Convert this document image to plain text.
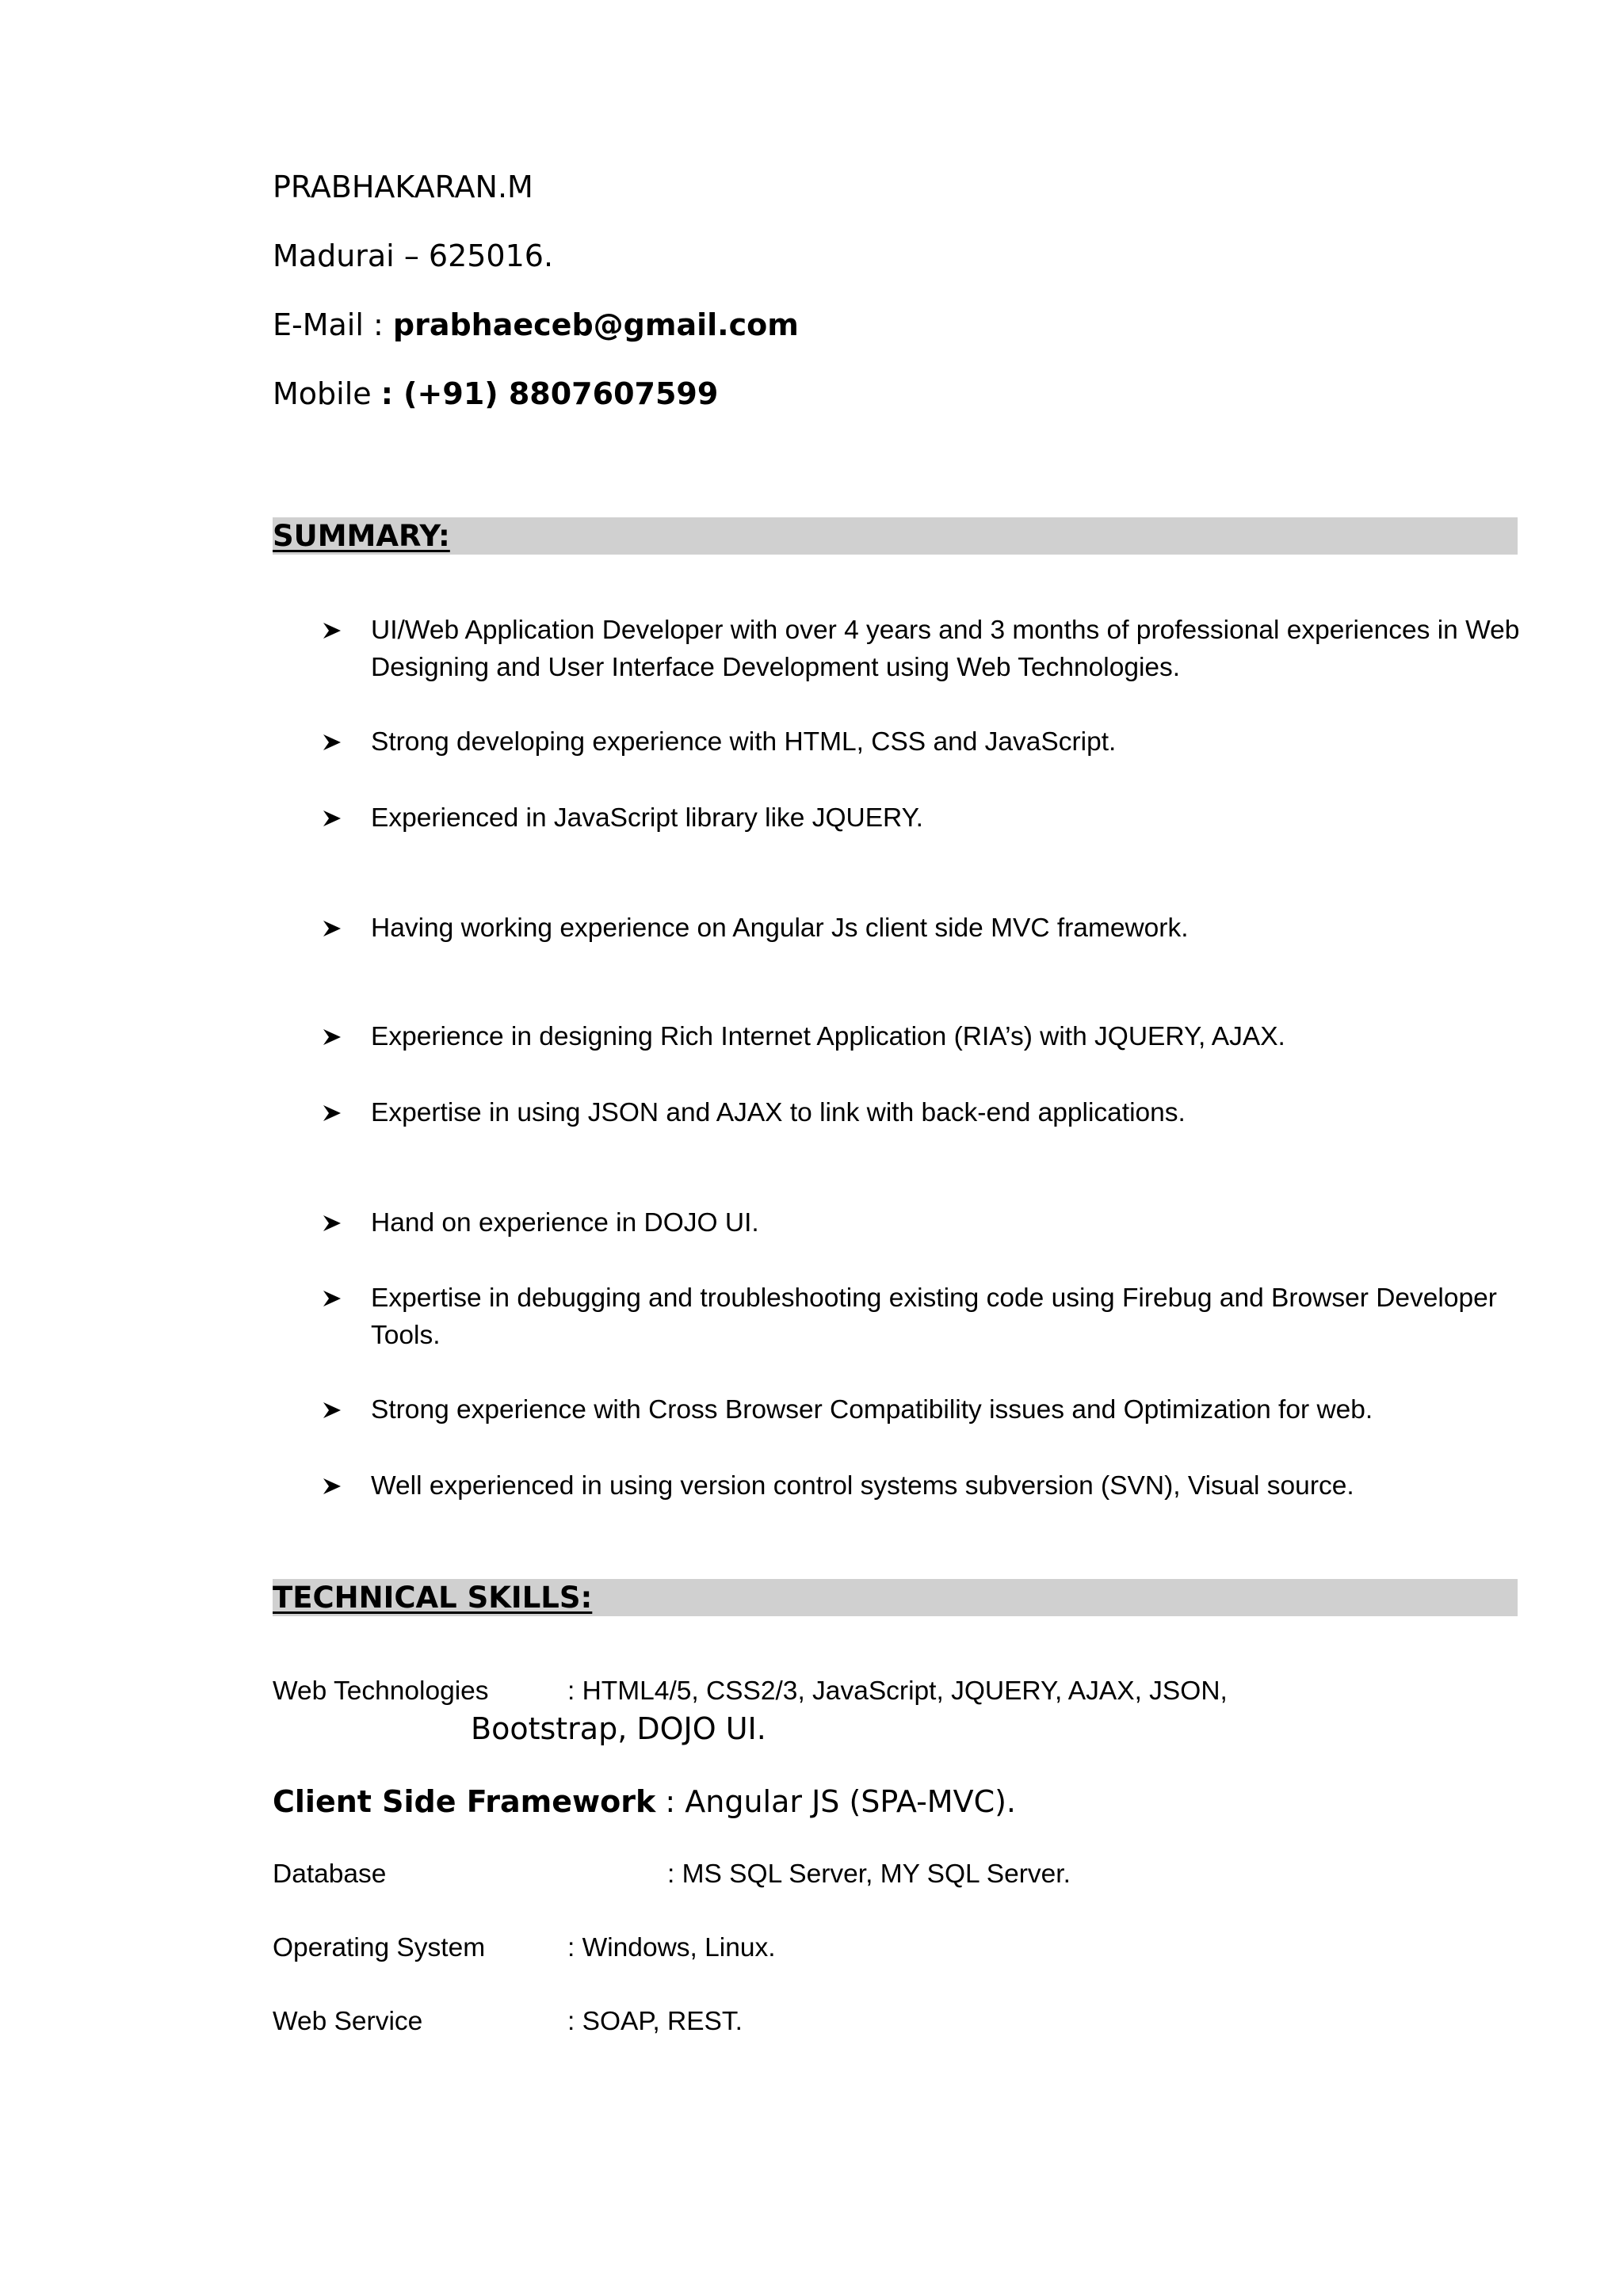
PRABHAKARAN.M
Madurai – 625016.
E-Mail : prabhaeceb@gmail.com
Mobile : (+91) 8807607599
SUMMARY:
UI/Web Application Developer with over 4 years and 3 months of professional experiences in Web Designing and User Interface Development using Web Technologies.
Strong developing experience with HTML, CSS and JavaScript.
Experienced in JavaScript library like JQUERY.
Having working experience on Angular Js client side MVC framework.
Experience in designing Rich Internet Application (RIA’s) with JQUERY, AJAX.
Expertise in using JSON and AJAX to link with back-end applications.
Hand on experience in DOJO UI.
Expertise in debugging and troubleshooting existing code using Firebug and Browser Developer Tools.
Strong experience with Cross Browser Compatibility issues and Optimization for web.
Well experienced in using version control systems subversion (SVN), Visual source.
TECHNICAL SKILLS:
Web Technologies	: HTML4/5, CSS2/3, JavaScript, JQUERY, AJAX, JSON,
Bootstrap, DOJO UI.
Client Side Framework : Angular JS (SPA-MVC).
Database	: MS SQL Server, MY SQL Server.
Operating System	: Windows, Linux.
Web Service	: SOAP, REST.
